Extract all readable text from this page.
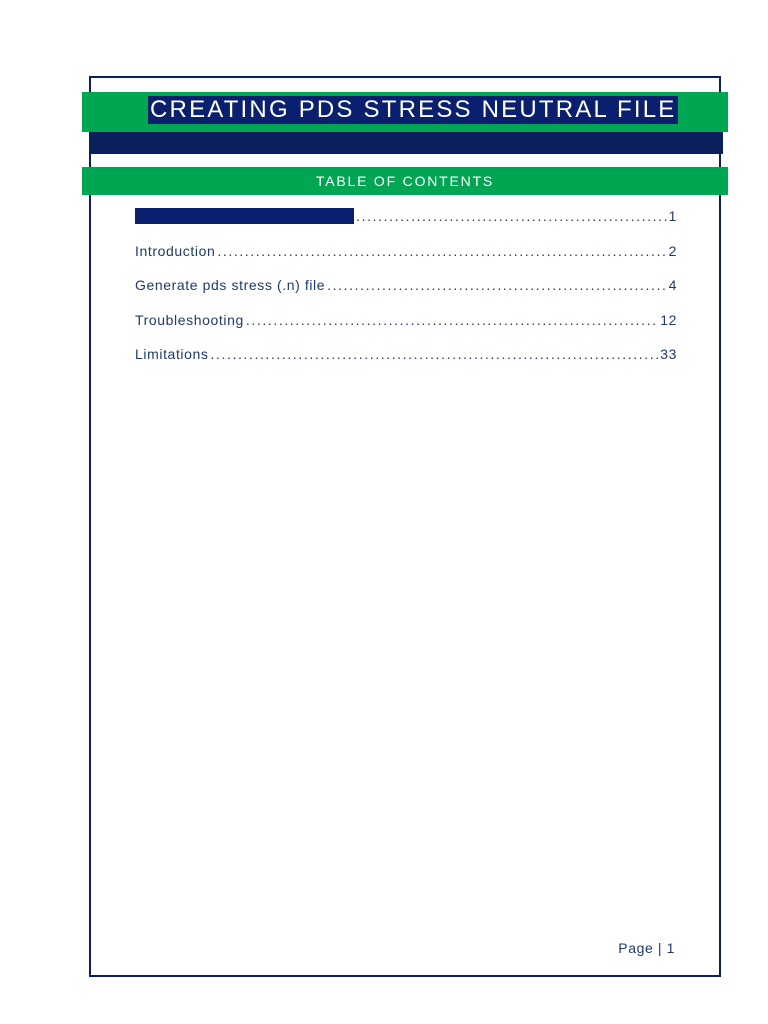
CREATING PDS STRESS NEUTRAL FILE
TABLE OF CONTENTS
Creating PDS Stress Neutral file .....	1
Introduction .....	2
Generate pds stress (.n) file .....	4
Troubleshooting .....	12
Limitations .....	33
Page | 1
